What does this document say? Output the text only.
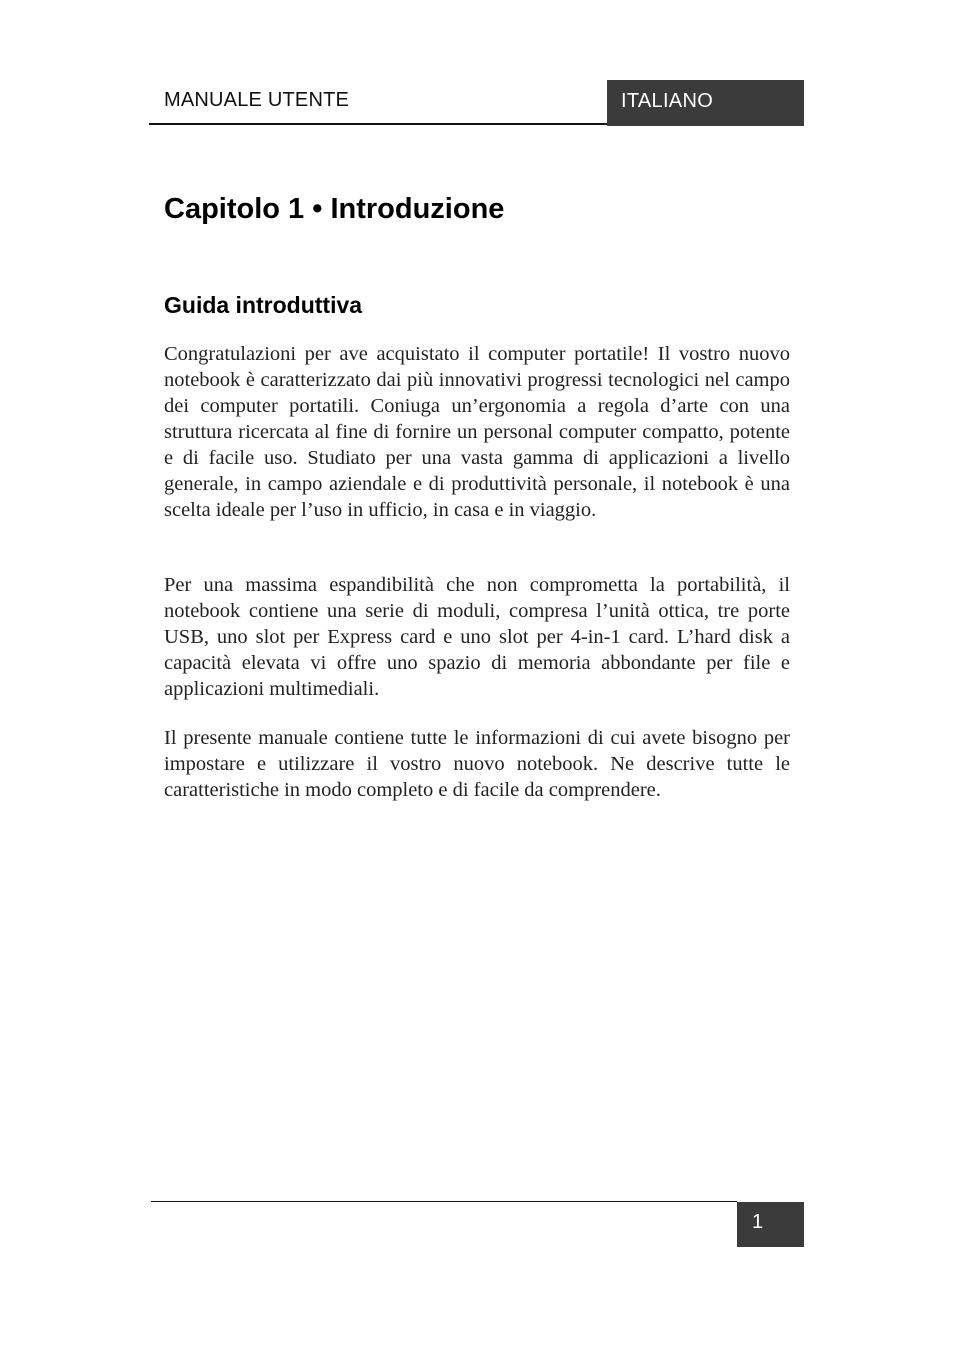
MANUALE UTENTE	ITALIANO
Capitolo 1 • Introduzione
Guida introduttiva

Congratulazioni per ave acquistato il computer portatile! Il vostro nuovo notebook è caratterizzato dai più innovativi progressi tecnologici nel campo dei computer portatili. Coniuga un’ergonomia a regola d’arte con una struttura ricercata al fine di fornire un personal computer compatto, potente e di facile uso. Studiato per una vasta gamma di applicazioni a livello generale, in campo aziendale e di produttività personale, il notebook è una scelta ideale per l’uso in ufficio, in casa e in viaggio.

Per una massima espandibilità che non comprometta la portabilità, il notebook contiene una serie di moduli, compresa l’unità ottica, tre porte USB, uno slot per Express card e uno slot per 4-in-1 card. L’hard disk a capacità elevata vi offre uno spazio di memoria abbondante per file e applicazioni multimediali.

Il presente manuale contiene tutte le informazioni di cui avete bisogno per impostare e utilizzare il vostro nuovo notebook. Ne descrive tutte le caratteristiche in modo completo e di facile da comprendere.

1
